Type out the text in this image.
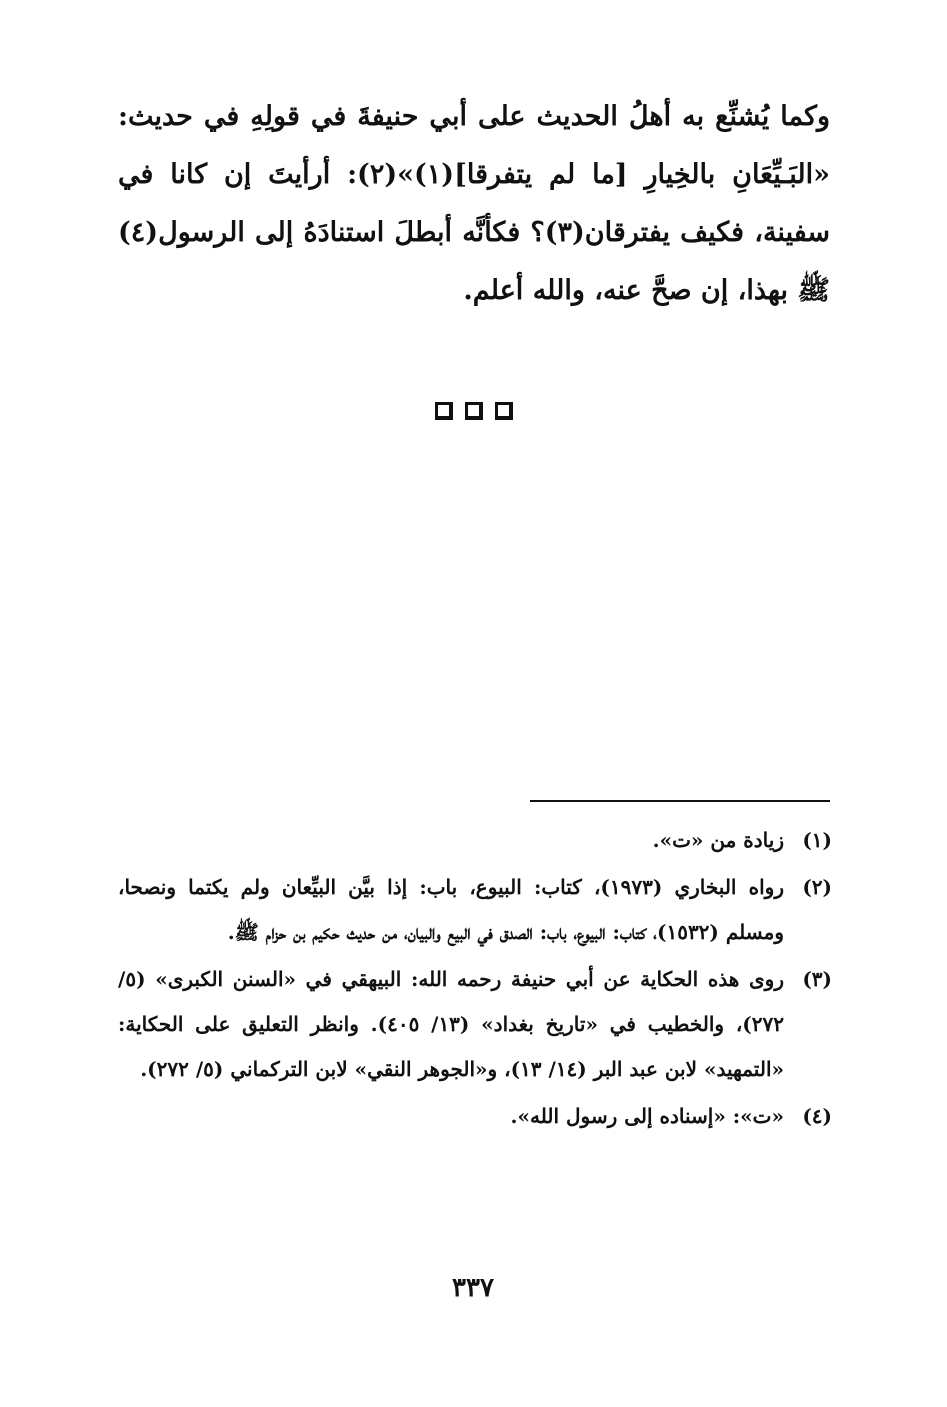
وكما يُشنِّع به أهلُ الحديث على أبي حنيفةَ في قولِهِ في حديث: «البَـيِّعَانِ بالخِيارِ [ما لم يتفرقا](١)»(٢): أرأيتَ إن كانا في سفينة، فكيف يفترقان(٣)؟ فكأنَّه أبطلَ استنادَهُ إلى الرسول(٤) ﷺ بهذا، إن صحَّ عنه، والله أعلم.

(١)
زيادة من «ت».
(٢)
رواه البخاري (١٩٧٣)، كتاب: البيوع، باب: إذا بيَّن البيِّعان ولم يكتما ونصحا، ومسلم (١٥٣٢)، كتاب: البيوع، باب: الصدق في البيع والبيان، من حديث حكيم بن حزام ﷺ.
(٣)
روى هذه الحكاية عن أبي حنيفة رحمه الله: البيهقي في «السنن الكبرى» (٥/ ٢٧٢)، والخطيب في «تاريخ بغداد» (١٣/ ٤٠٥). وانظر التعليق على الحكاية: «التمهيد» لابن عبد البر (١٤/ ١٣)، و«الجوهر النقي» لابن التركماني (٥/ ٢٧٢).
(٤)
«ت»: «إسناده إلى رسول الله».
٣٣٧
